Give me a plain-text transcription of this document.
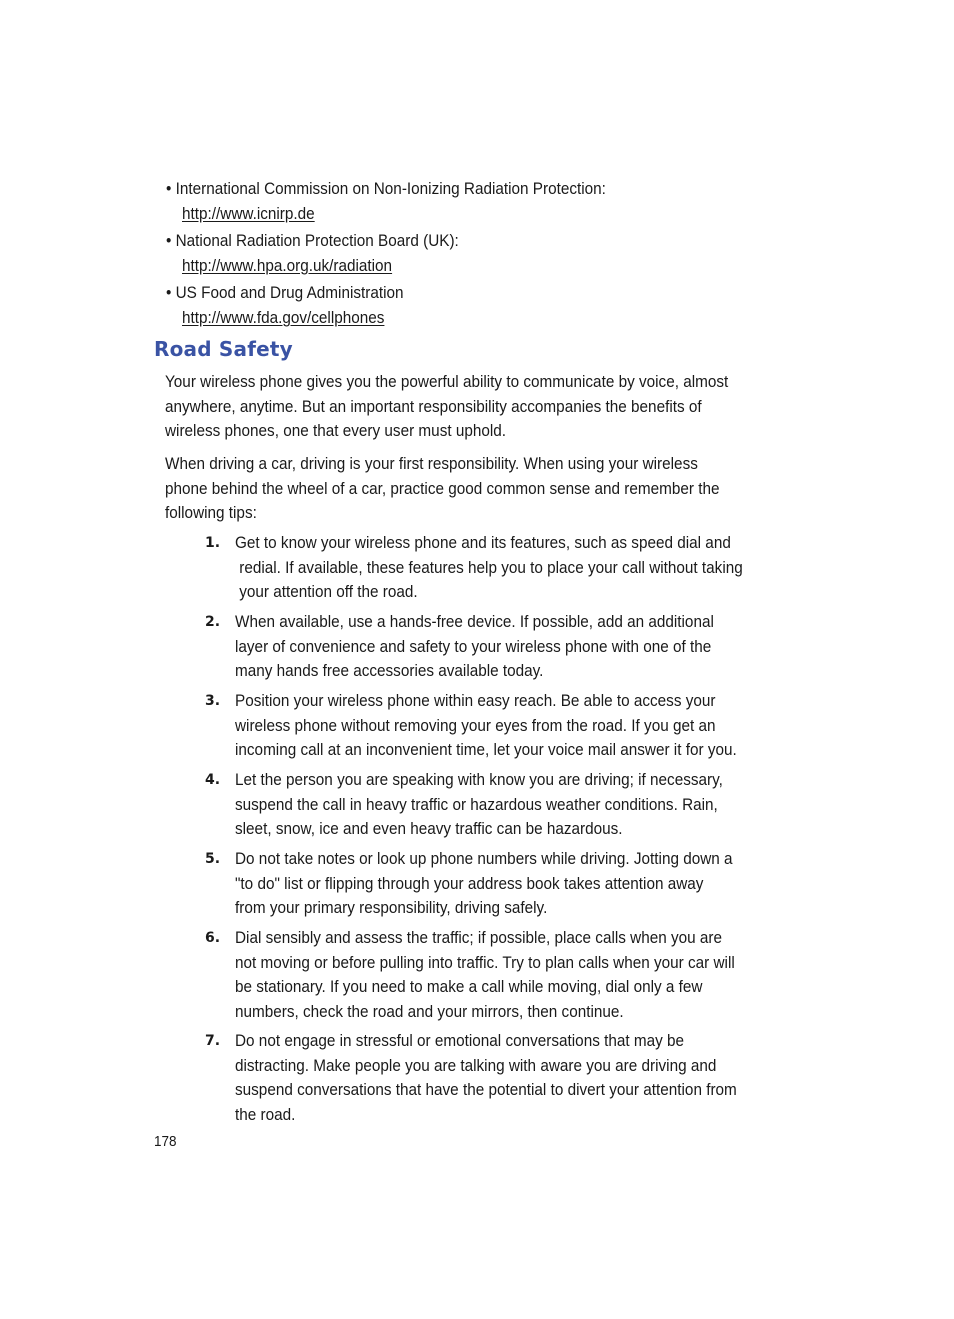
• International Commission on Non-Ionizing Radiation Protection:
http://www.icnirp.de
• National Radiation Protection Board (UK):
http://www.hpa.org.uk/radiation
• US Food and Drug Administration
http://www.fda.gov/cellphones
Road Safety
Your wireless phone gives you the powerful ability to communicate by voice, almost
anywhere, anytime. But an important responsibility accompanies the benefits of
wireless phones, one that every user must uphold.
When driving a car, driving is your first responsibility. When using your wireless
phone behind the wheel of a car, practice good common sense and remember the
following tips:
1. Get to know your wireless phone and its features, such as speed dial and
redial. If available, these features help you to place your call without taking
your attention off the road.
2. When available, use a hands-free device. If possible, add an additional
layer of convenience and safety to your wireless phone with one of the
many hands free accessories available today.
3. Position your wireless phone within easy reach. Be able to access your
wireless phone without removing your eyes from the road. If you get an
incoming call at an inconvenient time, let your voice mail answer it for you.
4. Let the person you are speaking with know you are driving; if necessary,
suspend the call in heavy traffic or hazardous weather conditions. Rain,
sleet, snow, ice and even heavy traffic can be hazardous.
5. Do not take notes or look up phone numbers while driving. Jotting down a
"to do" list or flipping through your address book takes attention away
from your primary responsibility, driving safely.
6. Dial sensibly and assess the traffic; if possible, place calls when you are
not moving or before pulling into traffic. Try to plan calls when your car will
be stationary. If you need to make a call while moving, dial only a few
numbers, check the road and your mirrors, then continue.
7. Do not engage in stressful or emotional conversations that may be
distracting. Make people you are talking with aware you are driving and
suspend conversations that have the potential to divert your attention from
the road.
178
